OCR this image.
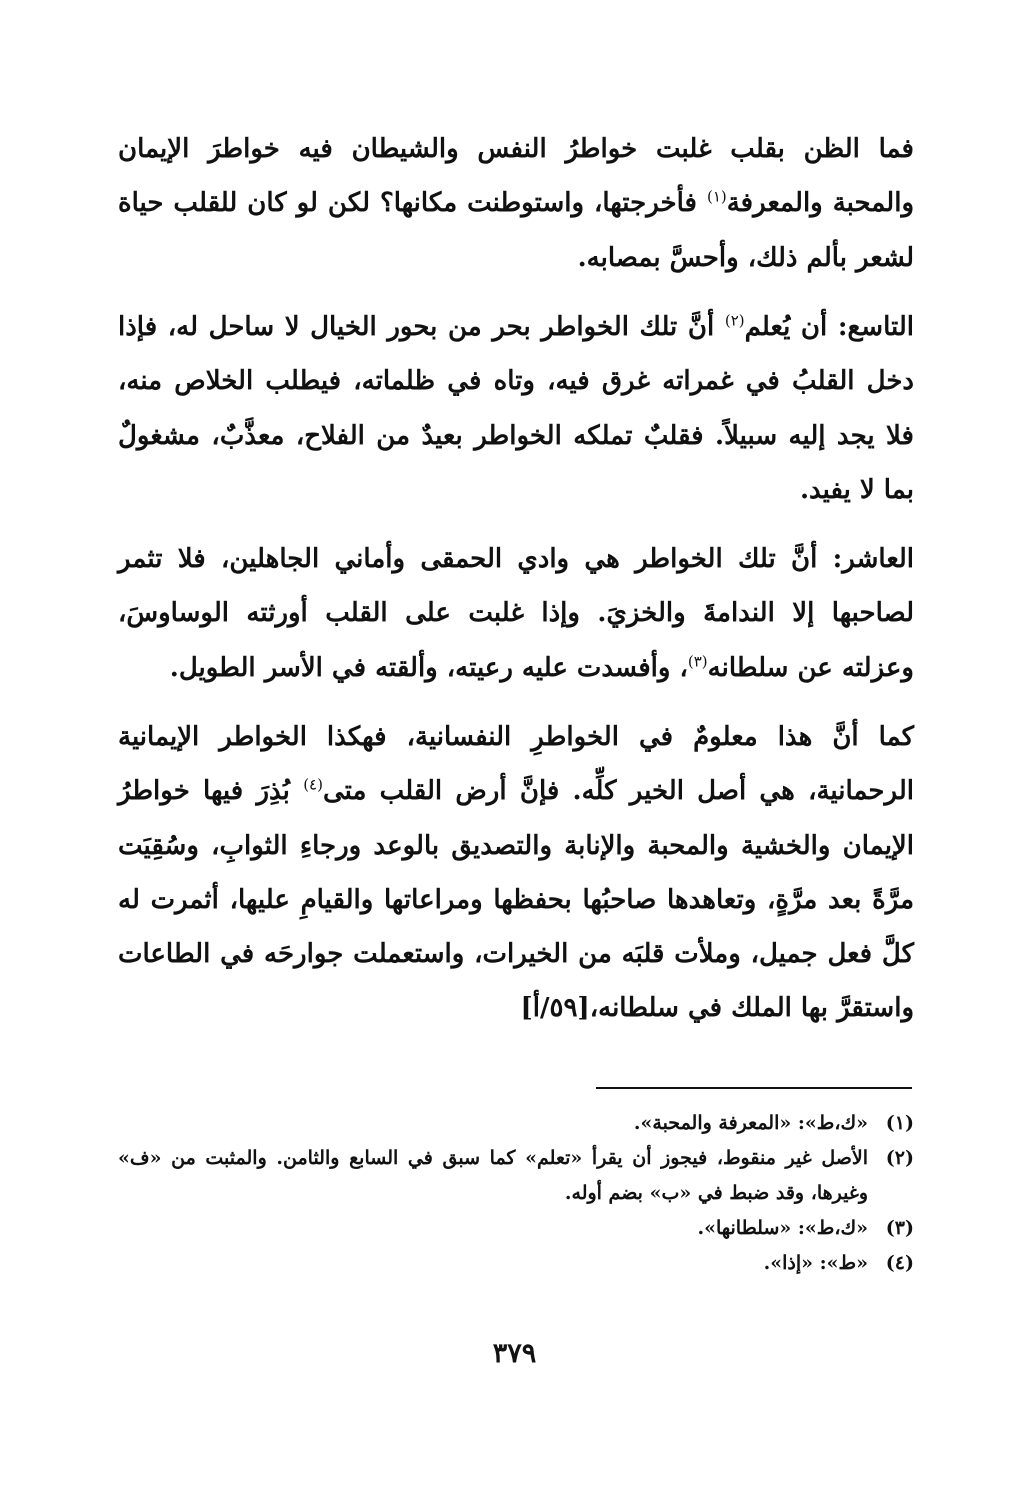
فما الظن بقلب غلبت خواطرُ النفس والشيطان فيه خواطرَ الإيمان والمحبة والمعرفة$^{(١)}$ فأخرجتها، واستوطنت مكانها؟ لكن لو كان للقلب حياة لشعر بألم ذلك، وأحسَّ بمصابه.

التاسع: أن يُعلم$^{(٢)}$ أنَّ تلك الخواطر بحر من بحور الخيال لا ساحل له، فإذا دخل القلبُ في غمراته غرق فيه، وتاه في ظلماته، فيطلب الخلاص منه، فلا يجد إليه سبيلاً. فقلبٌ تملكه الخواطر بعيدٌ من الفلاح، معذَّبٌ، مشغولٌ بما لا يفيد.

العاشر: أنَّ تلك الخواطر هي وادي الحمقى وأماني الجاهلين، فلا تثمر لصاحبها إلا الندامةَ والخزيَ. وإذا غلبت على القلب أورثته الوساوسَ، وعزلته عن سلطانه$^{(٣)}$، وأفسدت عليه رعيته، وألقته في الأسر الطويل.

كما أنَّ هذا معلومٌ في الخواطرِ النفسانية، فهكذا الخواطر الإيمانية الرحمانية، هي أصل الخير كلِّه. فإنَّ أرض القلب متى$^{(٤)}$ بُذِرَ فيها خواطرُ الإيمان والخشية والمحبة والإنابة والتصديق بالوعد ورجاءِ الثوابِ، وسُقِيَت مرَّةً بعد مرَّةٍ، وتعاهدها صاحبُها بحفظها ومراعاتها والقيامِ عليها، أثمرت له كلَّ فعل جميل، وملأت قلبَه من الخيرات، واستعملت جوارحَه في الطاعات واستقرَّ بها الملك في سلطانه،[٥٩/أ]

(١)
«ك،ط»: «المعرفة والمحبة».
(٢)
الأصل غير منقوط، فيجوز أن يقرأ «تعلم» كما سبق في السابع والثامن. والمثبت من «ف» وغيرها، وقد ضبط في «ب» بضم أوله.
(٣)
«ك،ط»: «سلطانها».
(٤)
«ط»: «إذا».
٣٧٩
